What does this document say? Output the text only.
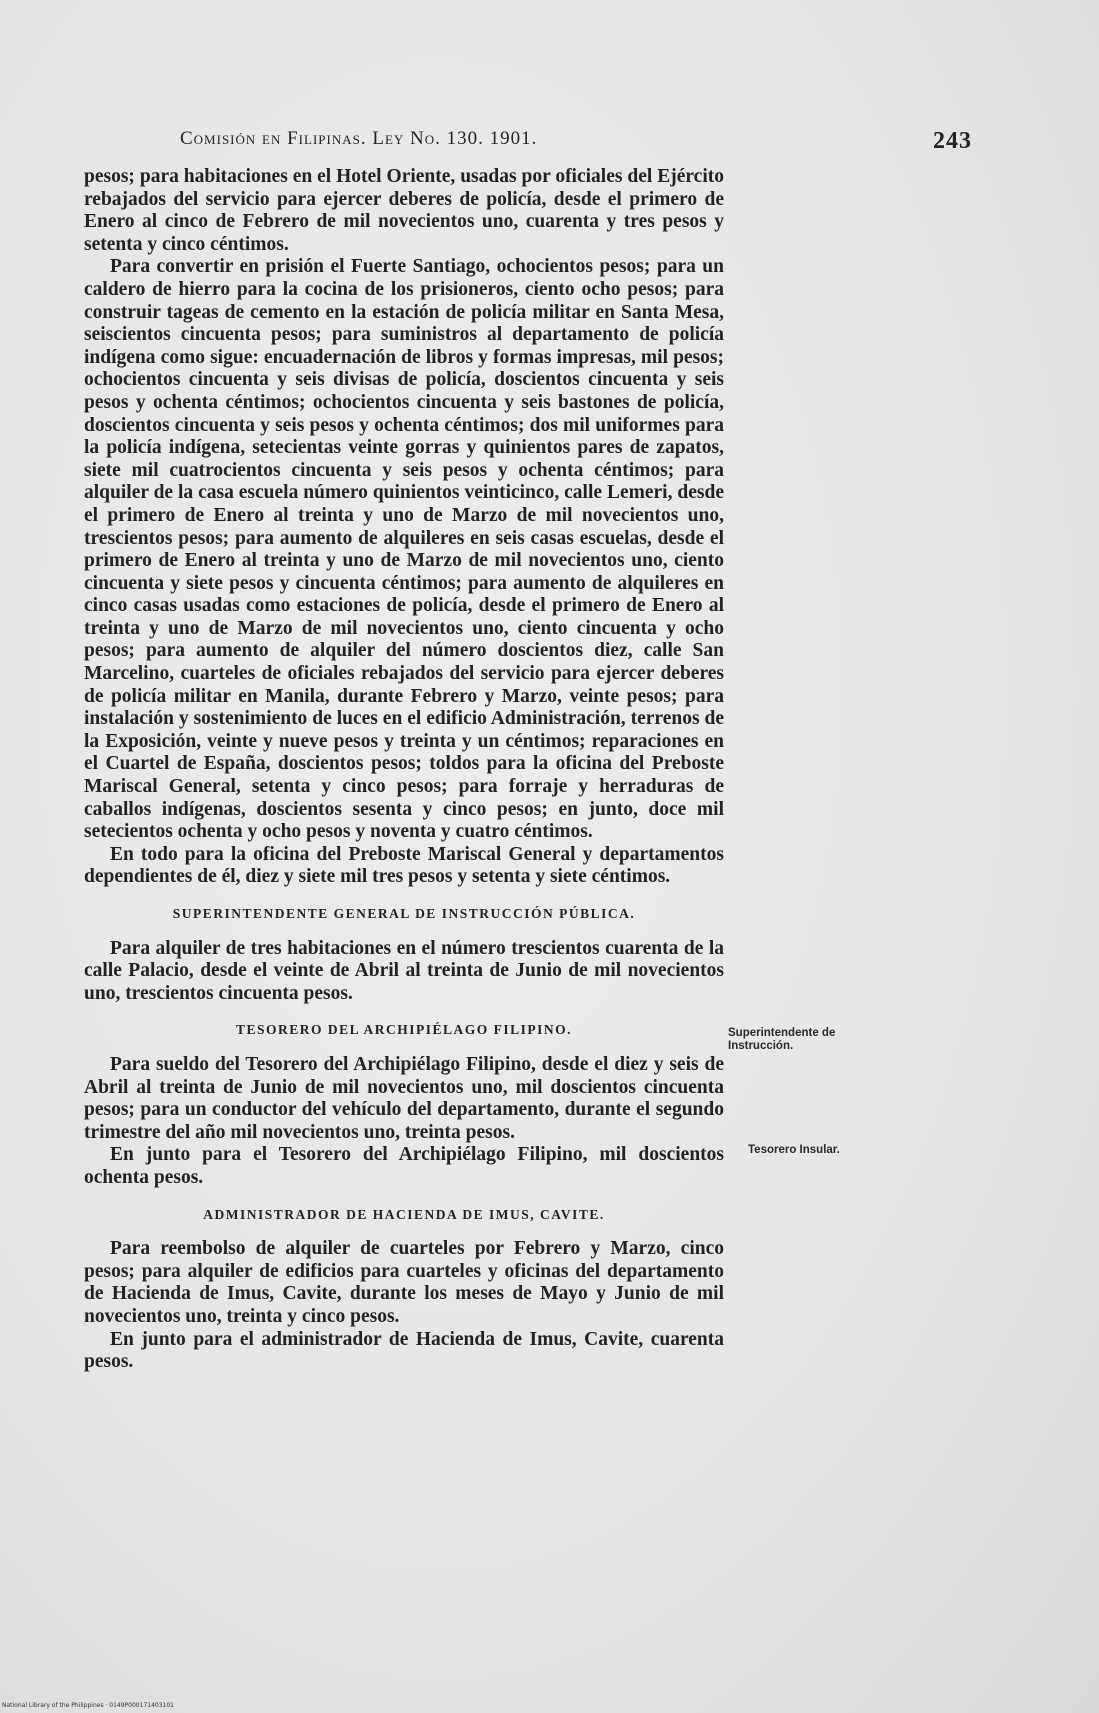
Comisión en Filipinas. Ley No. 130. 1901.	243

pesos; para habitaciones en el Hotel Oriente, usadas por oficiales del Ejército rebajados del servicio para ejercer deberes de policía, desde el primero de Enero al cinco de Febrero de mil novecientos uno, cuarenta y tres pesos y setenta y cinco céntimos.

Para convertir en prisión el Fuerte Santiago, ochocientos pesos; para un caldero de hierro para la cocina de los prisioneros, ciento ocho pesos; para construir tageas de cemento en la estación de policía militar en Santa Mesa, seiscientos cincuenta pesos; para suministros al departamento de policía indígena como sigue: encuadernación de libros y formas impresas, mil pesos; ochocientos cincuenta y seis divisas de policía, doscientos cincuenta y seis pesos y ochenta céntimos; ochocientos cincuenta y seis bastones de policía, doscientos cincuenta y seis pesos y ochenta céntimos; dos mil uniformes para la policía indígena, setecientas veinte gorras y quinientos pares de zapatos, siete mil cuatrocientos cincuenta y seis pesos y ochenta céntimos; para alquiler de la casa escuela número quinientos veinticinco, calle Lemeri, desde el primero de Enero al treinta y uno de Marzo de mil novecientos uno, trescientos pesos; para aumento de alquileres en seis casas escuelas, desde el primero de Enero al treinta y uno de Marzo de mil novecientos uno, ciento cincuenta y siete pesos y cincuenta céntimos; para aumento de alquileres en cinco casas usadas como estaciones de policía, desde el primero de Enero al treinta y uno de Marzo de mil novecientos uno, ciento cincuenta y ocho pesos; para aumento de alquiler del número doscientos diez, calle San Marcelino, cuarteles de oficiales rebajados del servicio para ejercer deberes de policía militar en Manila, durante Febrero y Marzo, veinte pesos; para instalación y sostenimiento de luces en el edificio Administración, terrenos de la Exposición, veinte y nueve pesos y treinta y un céntimos; reparaciones en el Cuartel de España, doscientos pesos; toldos para la oficina del Preboste Mariscal General, setenta y cinco pesos; para forraje y herraduras de caballos indígenas, doscientos sesenta y cinco pesos; en junto, doce mil setecientos ochenta y ocho pesos y noventa y cuatro céntimos.

En todo para la oficina del Preboste Mariscal General y departamentos dependientes de él, diez y siete mil tres pesos y setenta y siete céntimos.

SUPERINTENDENTE GENERAL DE INSTRUCCIÓN PÚBLICA.

Para alquiler de tres habitaciones en el número trescientos cuarenta de la calle Palacio, desde el veinte de Abril al treinta de Junio de mil novecientos uno, trescientos cincuenta pesos.

TESORERO DEL ARCHIPIÉLAGO FILIPINO.

Para sueldo del Tesorero del Archipiélago Filipino, desde el diez y seis de Abril al treinta de Junio de mil novecientos uno, mil doscientos cincuenta pesos; para un conductor del vehículo del departamento, durante el segundo trimestre del año mil novecientos uno, treinta pesos.

En junto para el Tesorero del Archipiélago Filipino, mil doscientos ochenta pesos.

ADMINISTRADOR DE HACIENDA DE IMUS, CAVITE.

Para reembolso de alquiler de cuarteles por Febrero y Marzo, cinco pesos; para alquiler de edificios para cuarteles y oficinas del departamento de Hacienda de Imus, Cavite, durante los meses de Mayo y Junio de mil novecientos uno, treinta y cinco pesos.

En junto para el administrador de Hacienda de Imus, Cavite, cuarenta pesos.

Superintendente de Instrucción.
Tesorero Insular.
National Library of the Philippines · 0149P000171403101
